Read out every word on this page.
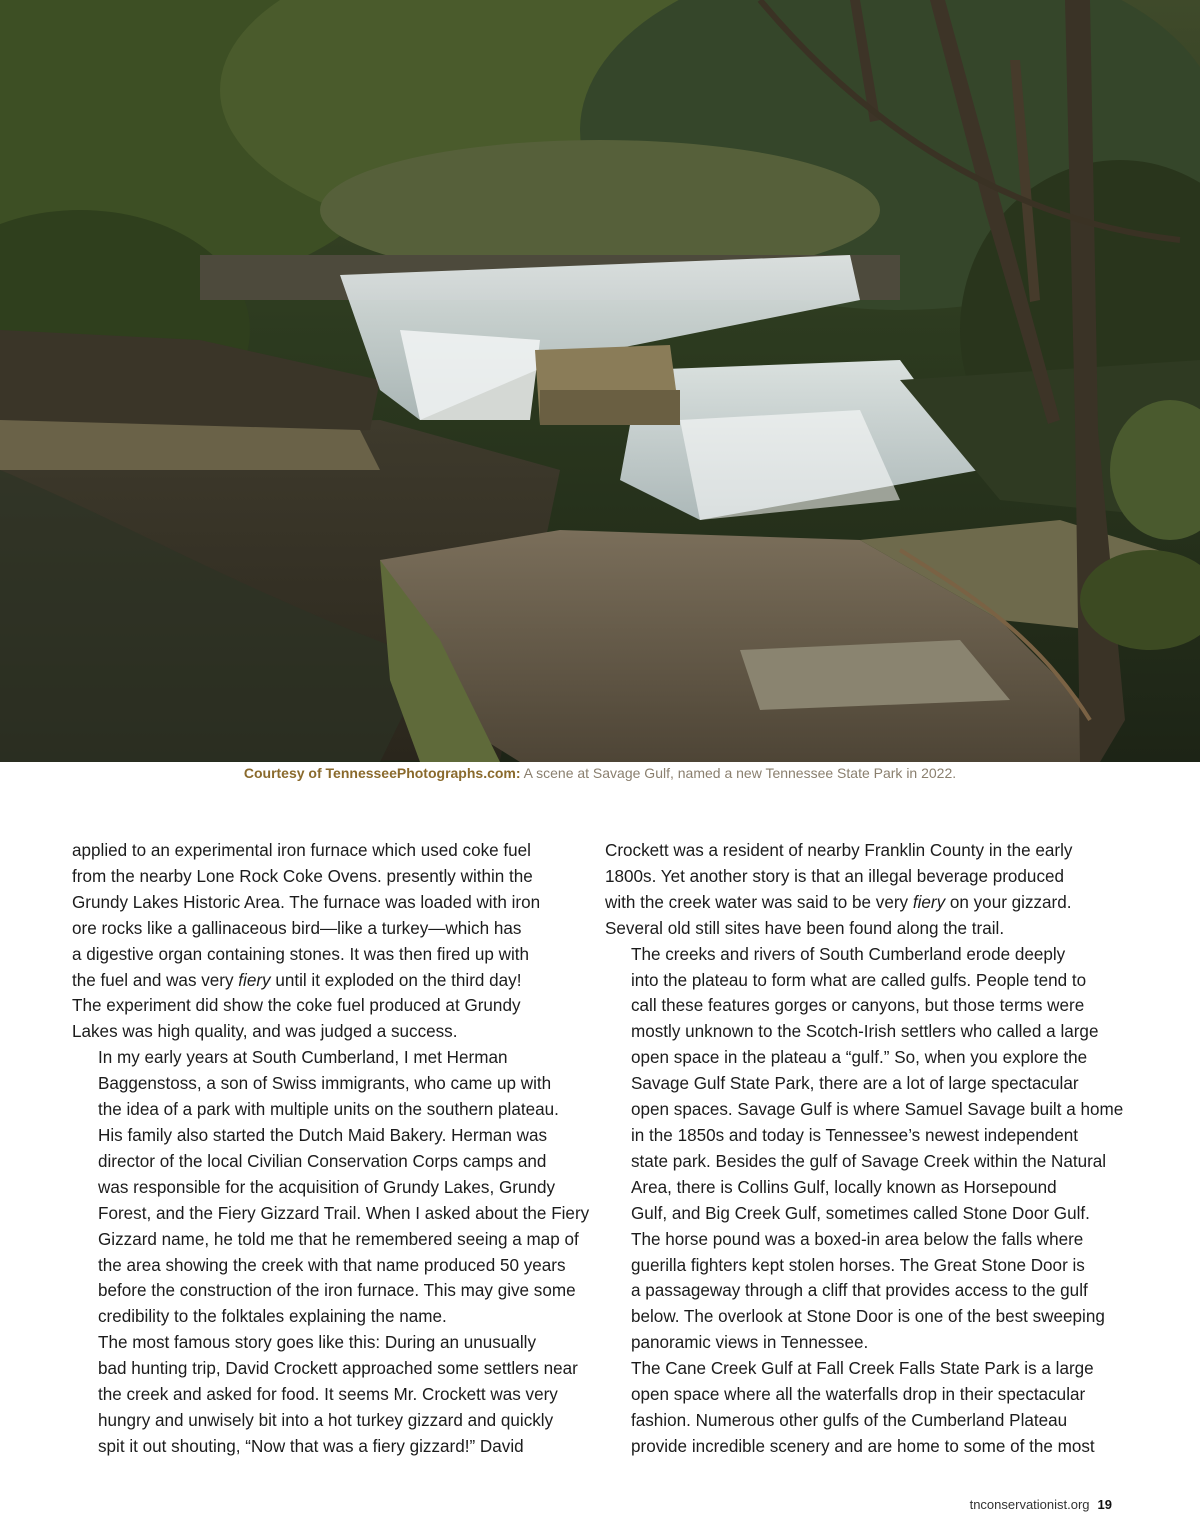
Courtesy of TennesseePhotographs.com: A scene at Savage Gulf, named a new Tennessee State Park in 2022.

applied to an experimental iron furnace which used coke fuel
from the nearby Lone Rock Coke Ovens. presently within the
Grundy Lakes Historic Area. The furnace was loaded with iron
ore rocks like a gallinaceous bird—like a turkey—which has
a digestive organ containing stones. It was then fired up with
the fuel and was very fiery until it exploded on the third day!
The experiment did show the coke fuel produced at Grundy
Lakes was high quality, and was judged a success.

In my early years at South Cumberland, I met Herman
Baggenstoss, a son of Swiss immigrants, who came up with
the idea of a park with multiple units on the southern plateau.
His family also started the Dutch Maid Bakery. Herman was
director of the local Civilian Conservation Corps camps and
was responsible for the acquisition of Grundy Lakes, Grundy
Forest, and the Fiery Gizzard Trail. When I asked about the Fiery
Gizzard name, he told me that he remembered seeing a map of
the area showing the creek with that name produced 50 years
before the construction of the iron furnace. This may give some
credibility to the folktales explaining the name.

The most famous story goes like this: During an unusually
bad hunting trip, David Crockett approached some settlers near
the creek and asked for food. It seems Mr. Crockett was very
hungry and unwisely bit into a hot turkey gizzard and quickly
spit it out shouting, “Now that was a fiery gizzard!” David

Crockett was a resident of nearby Franklin County in the early
1800s. Yet another story is that an illegal beverage produced
with the creek water was said to be very fiery on your gizzard.
Several old still sites have been found along the trail.

The creeks and rivers of South Cumberland erode deeply
into the plateau to form what are called gulfs. People tend to
call these features gorges or canyons, but those terms were
mostly unknown to the Scotch-Irish settlers who called a large
open space in the plateau a “gulf.” So, when you explore the
Savage Gulf State Park, there are a lot of large spectacular
open spaces. Savage Gulf is where Samuel Savage built a home
in the 1850s and today is Tennessee’s newest independent
state park. Besides the gulf of Savage Creek within the Natural
Area, there is Collins Gulf, locally known as Horsepound
Gulf, and Big Creek Gulf, sometimes called Stone Door Gulf.
The horse pound was a boxed-in area below the falls where
guerilla fighters kept stolen horses. The Great Stone Door is
a passageway through a cliff that provides access to the gulf
below. The overlook at Stone Door is one of the best sweeping
panoramic views in Tennessee.

The Cane Creek Gulf at Fall Creek Falls State Park is a large
open space where all the waterfalls drop in their spectacular
fashion. Numerous other gulfs of the Cumberland Plateau
provide incredible scenery and are home to some of the most

tnconservationist.org 19
